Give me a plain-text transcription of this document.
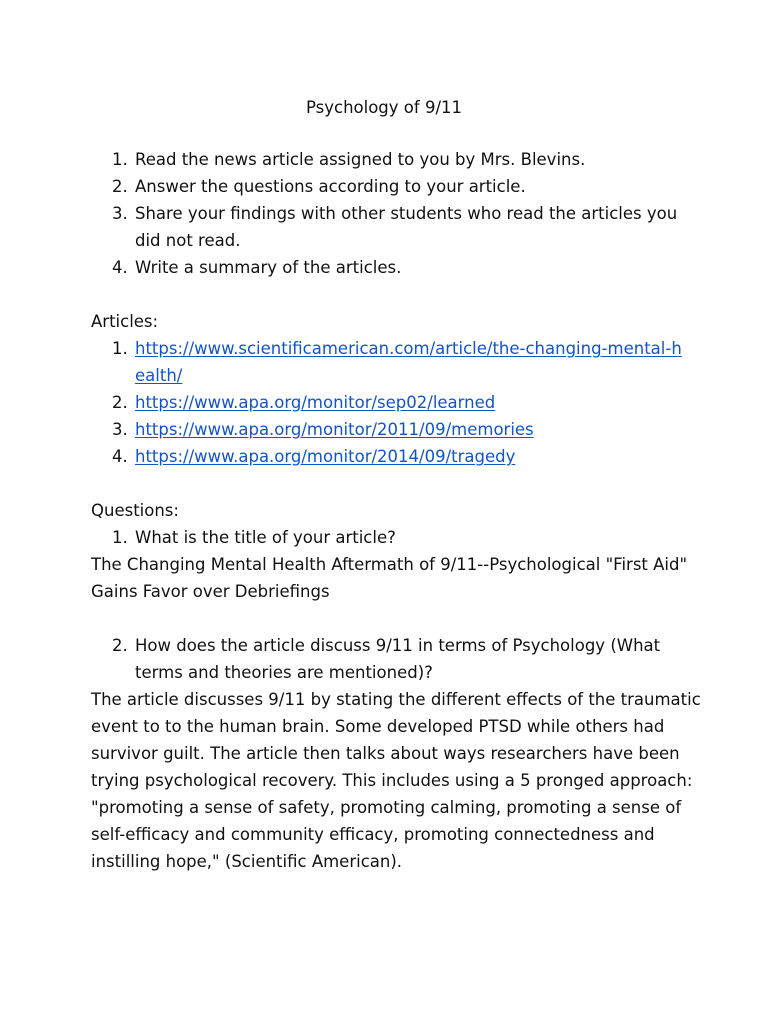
Psychology of 9/11
1. Read the news article assigned to you by Mrs. Blevins.
2. Answer the questions according to your article.
3. Share your findings with other students who read the articles you
did not read.
4. Write a summary of the articles.
Articles:
1. https://www.scientificamerican.com/article/the-changing-mental-h
ealth/
2. https://www.apa.org/monitor/sep02/learned
3. https://www.apa.org/monitor/2011/09/memories
4. https://www.apa.org/monitor/2014/09/tragedy
Questions:
1. What is the title of your article?
The Changing Mental Health Aftermath of 9/11--Psychological "First Aid"
Gains Favor over Debriefings
2. How does the article discuss 9/11 in terms of Psychology (What
terms and theories are mentioned)?
The article discusses 9/11 by stating the different effects of the traumatic
event to to the human brain. Some developed PTSD while others had
survivor guilt. The article then talks about ways researchers have been
trying psychological recovery. This includes using a 5 pronged approach:
"promoting a sense of safety, promoting calming, promoting a sense of
self-efficacy and community efficacy, promoting connectedness and
instilling hope," (Scientific American).
